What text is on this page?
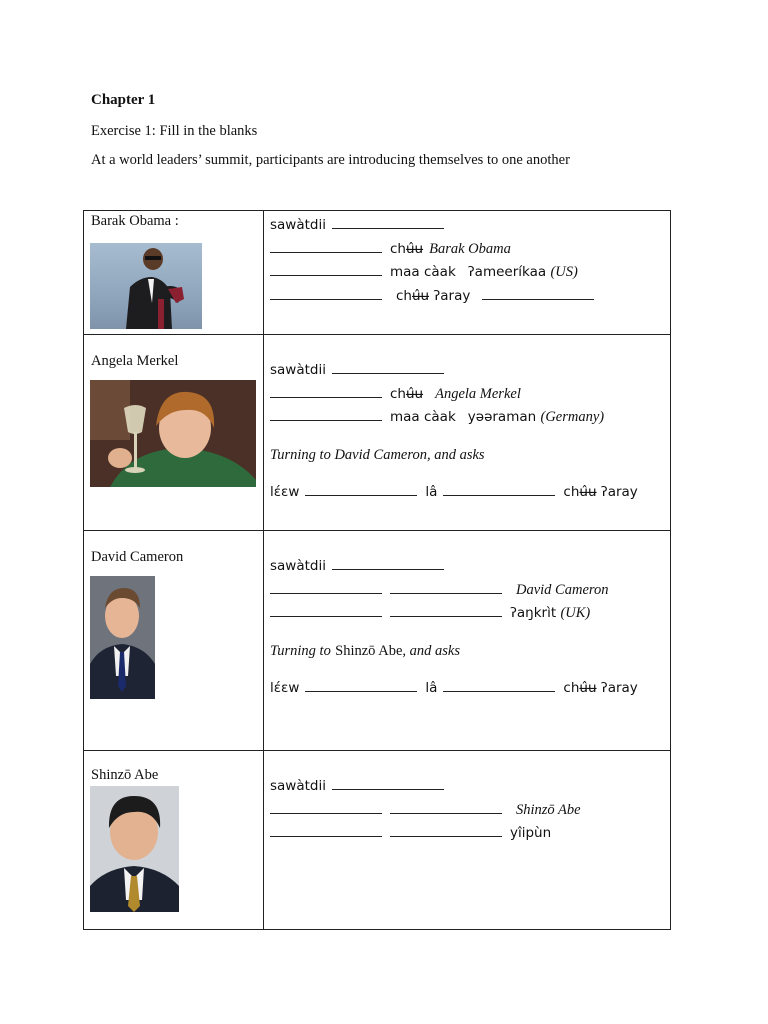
Chapter 1
Exercise 1: Fill in the blanks
At a world leaders’ summit, participants are introducing themselves to one another
Barak Obama :	sawàtdii
chʉ̂ʉ Barak Obama
maa càak ʔameeríkaa (US)
chʉ̂ʉ ʔaray

Angela Merkel	sawàtdii
chʉ̂ʉ Angela Merkel
maa càak yəəraman (Germany)
Turning to David Cameron, and asks
lɛ́ɛw lâ chʉ̂ʉ ʔaray

David Cameron	sawàtdii
David Cameron
ʔaŋkrìt (UK)
Turning to Shinzō Abe, and asks
lɛ́ɛw lâ chʉ̂ʉ ʔaray

Shinzō Abe	sawàtdii
Shinzō Abe
yîipùn
